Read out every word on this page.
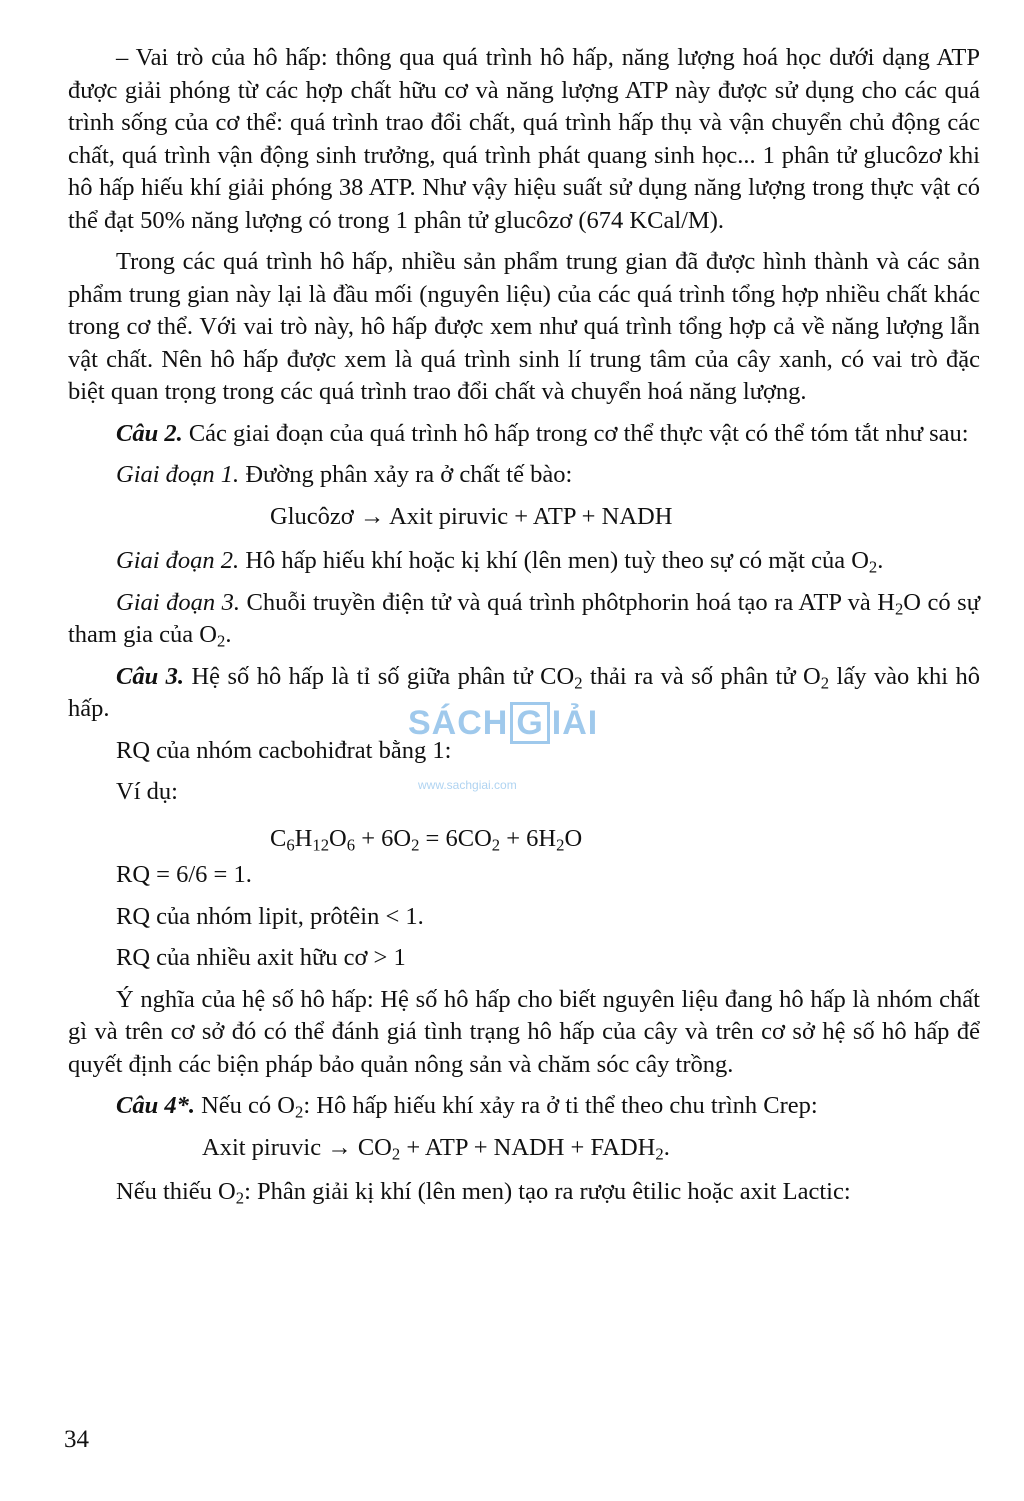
– Vai trò của hô hấp: thông qua quá trình hô hấp, năng lượng hoá học dưới dạng ATP được giải phóng từ các hợp chất hữu cơ và năng lượng ATP này được sử dụng cho các quá trình sống của cơ thể: quá trình trao đổi chất, quá trình hấp thụ và vận chuyển chủ động các chất, quá trình vận động sinh trưởng, quá trình phát quang sinh học... 1 phân tử glucôzơ khi hô hấp hiếu khí giải phóng 38 ATP. Như vậy hiệu suất sử dụng năng lượng trong thực vật có thể đạt 50% năng lượng có trong 1 phân tử glucôzơ (674 KCal/M).

Trong các quá trình hô hấp, nhiều sản phẩm trung gian đã được hình thành và các sản phẩm trung gian này lại là đầu mối (nguyên liệu) của các quá trình tổng hợp nhiều chất khác trong cơ thể. Với vai trò này, hô hấp được xem như quá trình tổng hợp cả về năng lượng lẫn vật chất. Nên hô hấp được xem là quá trình sinh lí trung tâm của cây xanh, có vai trò đặc biệt quan trọng trong các quá trình trao đổi chất và chuyển hoá năng lượng.

Câu 2. Các giai đoạn của quá trình hô hấp trong cơ thể thực vật có thể tóm tắt như sau:

Giai đoạn 1. Đường phân xảy ra ở chất tế bào:

Glucôzơ → Axit piruvic + ATP + NADH

Giai đoạn 2. Hô hấp hiếu khí hoặc kị khí (lên men) tuỳ theo sự có mặt của $O_2$.

Giai đoạn 3. Chuỗi truyền điện tử và quá trình phôtphorin hoá tạo ra ATP và $H_2O$ có sự tham gia của $O_2$.

Câu 3. Hệ số hô hấp là tỉ số giữa phân tử $CO_2$ thải ra và số phân tử $O_2$ lấy vào khi hô hấp.

RQ của nhóm cacbohiđrat bằng 1:

Ví dụ:

$C_6H_{12}O_6 + 6O_2 = 6CO_2 + 6H_2O$

RQ = 6/6 = 1.

RQ của nhóm lipit, prôtêin < 1.

RQ của nhiều axit hữu cơ > 1

Ý nghĩa của hệ số hô hấp: Hệ số hô hấp cho biết nguyên liệu đang hô hấp là nhóm chất gì và trên cơ sở đó có thể đánh giá tình trạng hô hấp của cây và trên cơ sở hệ số hô hấp để quyết định các biện pháp bảo quản nông sản và chăm sóc cây trồng.

Câu 4*. Nếu có $O_2$: Hô hấp hiếu khí xảy ra ở ti thể theo chu trình Crep:

Axit piruvic → $CO_2$ + ATP + NADH + $FADH_2$.

Nếu thiếu $O_2$: Phân giải kị khí (lên men) tạo ra rượu êtilic hoặc axit Lactic:

SÁCH G IẢI
www.sachgiai.com
34
